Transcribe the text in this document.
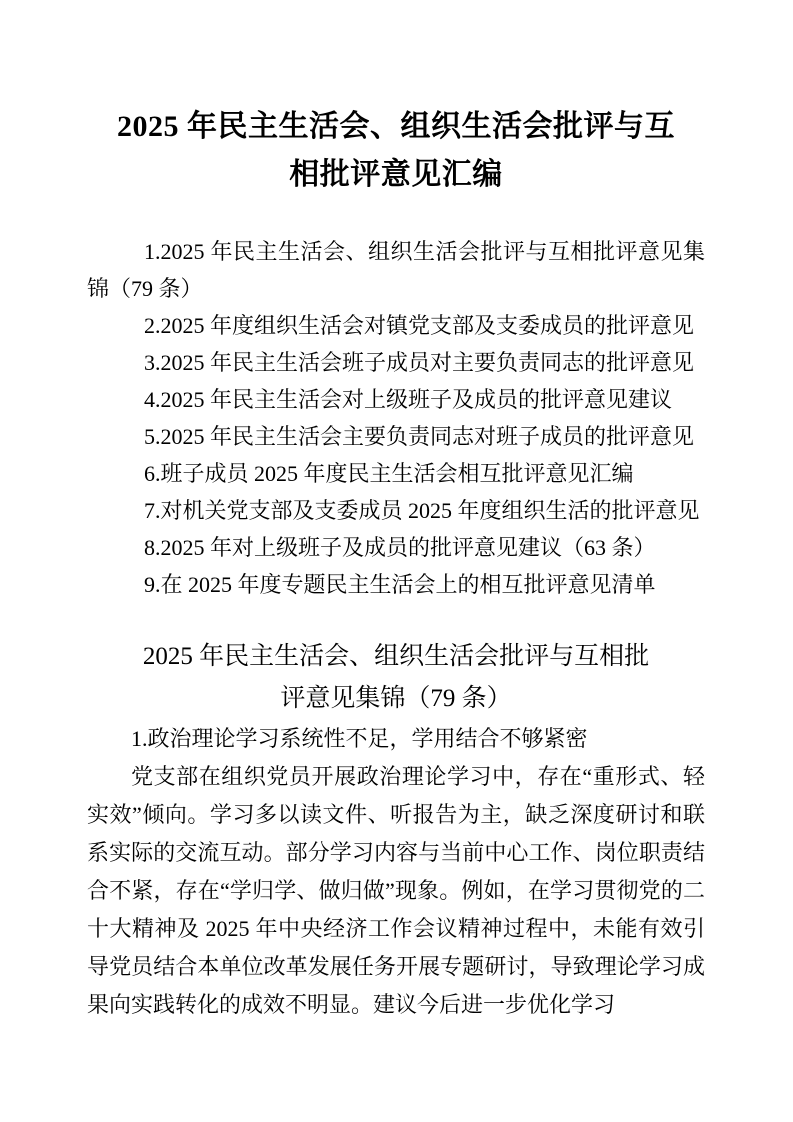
2025 年民主生活会、组织生活会批评与互
相批评意见汇编

1.2025 年民主生活会、组织生活会批评与互相批评意见集锦（79 条）

2.2025 年度组织生活会对镇党支部及支委成员的批评意见

3.2025 年民主生活会班子成员对主要负责同志的批评意见

4.2025 年民主生活会对上级班子及成员的批评意见建议

5.2025 年民主生活会主要负责同志对班子成员的批评意见

6.班子成员 2025 年度民主生活会相互批评意见汇编

7.对机关党支部及支委成员 2025 年度组织生活的批评意见

8.2025 年对上级班子及成员的批评意见建议（63 条）

9.在 2025 年度专题民主生活会上的相互批评意见清单

2025 年民主生活会、组织生活会批评与互相批
评意见集锦（79 条）

1.政治理论学习系统性不足，学用结合不够紧密

党支部在组织党员开展政治理论学习中，存在“重形式、轻实效”倾向。学习多以读文件、听报告为主，缺乏深度研讨和联系实际的交流互动。部分学习内容与当前中心工作、岗位职责结合不紧，存在“学归学、做归做”现象。例如，在学习贯彻党的二十大精神及 2025 年中央经济工作会议精神过程中，未能有效引导党员结合本单位改革发展任务开展专题研讨，导致理论学习成果向实践转化的成效不明显。建议今后进一步优化学习
